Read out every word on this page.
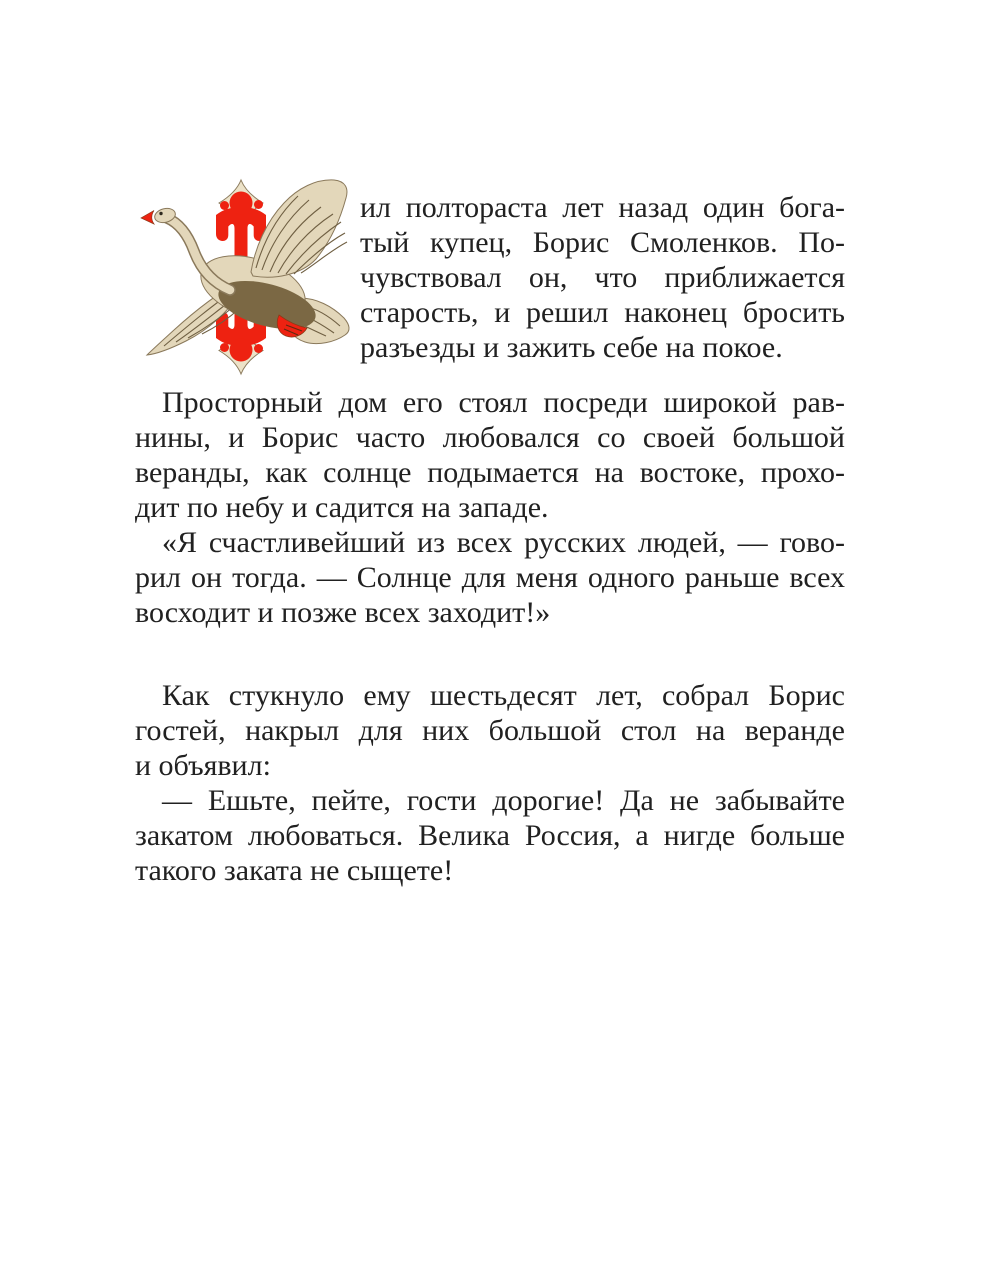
ил полтораста лет назад один бога-
тый купец, Борис Смоленков. По-
чувствовал он, что приближается
старость, и решил наконец бросить
разъезды и зажить себе на покое.
Просторный дом его стоял посреди широкой рав-
нины, и Борис часто любовался со своей большой
веранды, как солнце подымается на востоке, прохо-
дит по небу и садится на западе.
«Я счастливейший из всех русских людей, — гово-
рил он тогда. — Солнце для меня одного раньше всех
восходит и позже всех заходит!»
Как стукнуло ему шестьдесят лет, собрал Борис
гостей, накрыл для них большой стол на веранде
и объявил:
— Ешьте, пейте, гости дорогие! Да не забывайте
закатом любоваться. Велика Россия, а нигде больше
такого заката не сыщете!
